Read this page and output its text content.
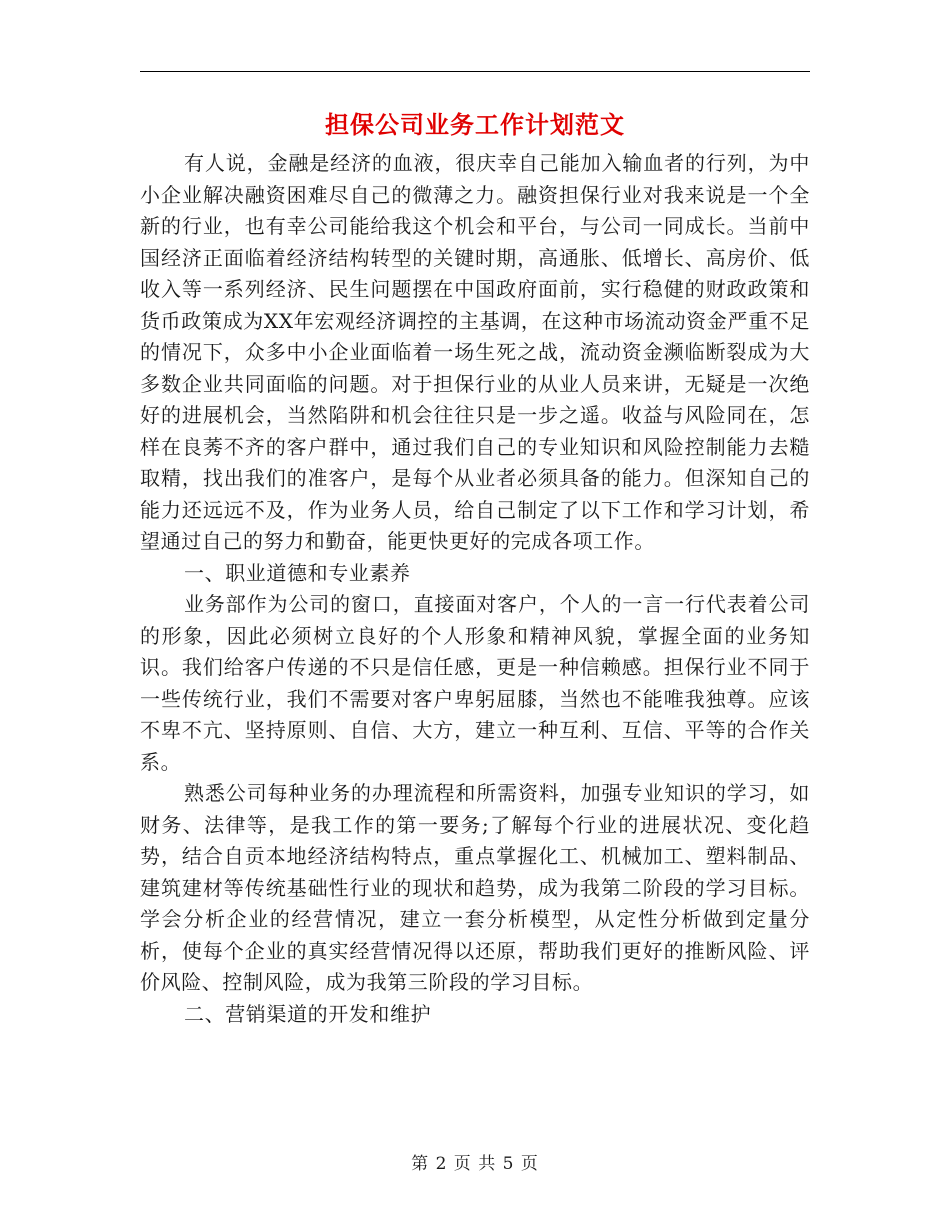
担保公司业务工作计划范文

有人说，金融是经济的血液，很庆幸自己能加入输血者的行列，为中小企业解决融资困难尽自己的微薄之力。融资担保行业对我来说是一个全新的行业，也有幸公司能给我这个机会和平台，与公司一同成长。当前中国经济正面临着经济结构转型的关键时期，高通胀、低增长、高房价、低收入等一系列经济、民生问题摆在中国政府面前，实行稳健的财政政策和货币政策成为XX年宏观经济调控的主基调，在这种市场流动资金严重不足的情况下，众多中小企业面临着一场生死之战，流动资金濒临断裂成为大多数企业共同面临的问题。对于担保行业的从业人员来讲，无疑是一次绝好的进展机会，当然陷阱和机会往往只是一步之遥。收益与风险同在，怎样在良莠不齐的客户群中，通过我们自己的专业知识和风险控制能力去糙取精，找出我们的准客户，是每个从业者必须具备的能力。但深知自己的能力还远远不及，作为业务人员，给自己制定了以下工作和学习计划，希望通过自己的努力和勤奋，能更快更好的完成各项工作。

一、职业道德和专业素养

业务部作为公司的窗口，直接面对客户，个人的一言一行代表着公司的形象，因此必须树立良好的个人形象和精神风貌，掌握全面的业务知识。我们给客户传递的不只是信任感，更是一种信赖感。担保行业不同于一些传统行业，我们不需要对客户卑躬屈膝，当然也不能唯我独尊。应该不卑不亢、坚持原则、自信、大方，建立一种互利、互信、平等的合作关系。

熟悉公司每种业务的办理流程和所需资料，加强专业知识的学习，如财务、法律等，是我工作的第一要务;了解每个行业的进展状况、变化趋势，结合自贡本地经济结构特点，重点掌握化工、机械加工、塑料制品、建筑建材等传统基础性行业的现状和趋势，成为我第二阶段的学习目标。学会分析企业的经营情况，建立一套分析模型，从定性分析做到定量分析，使每个企业的真实经营情况得以还原，帮助我们更好的推断风险、评价风险、控制风险，成为我第三阶段的学习目标。

二、营销渠道的开发和维护

第 2 页 共 5 页
